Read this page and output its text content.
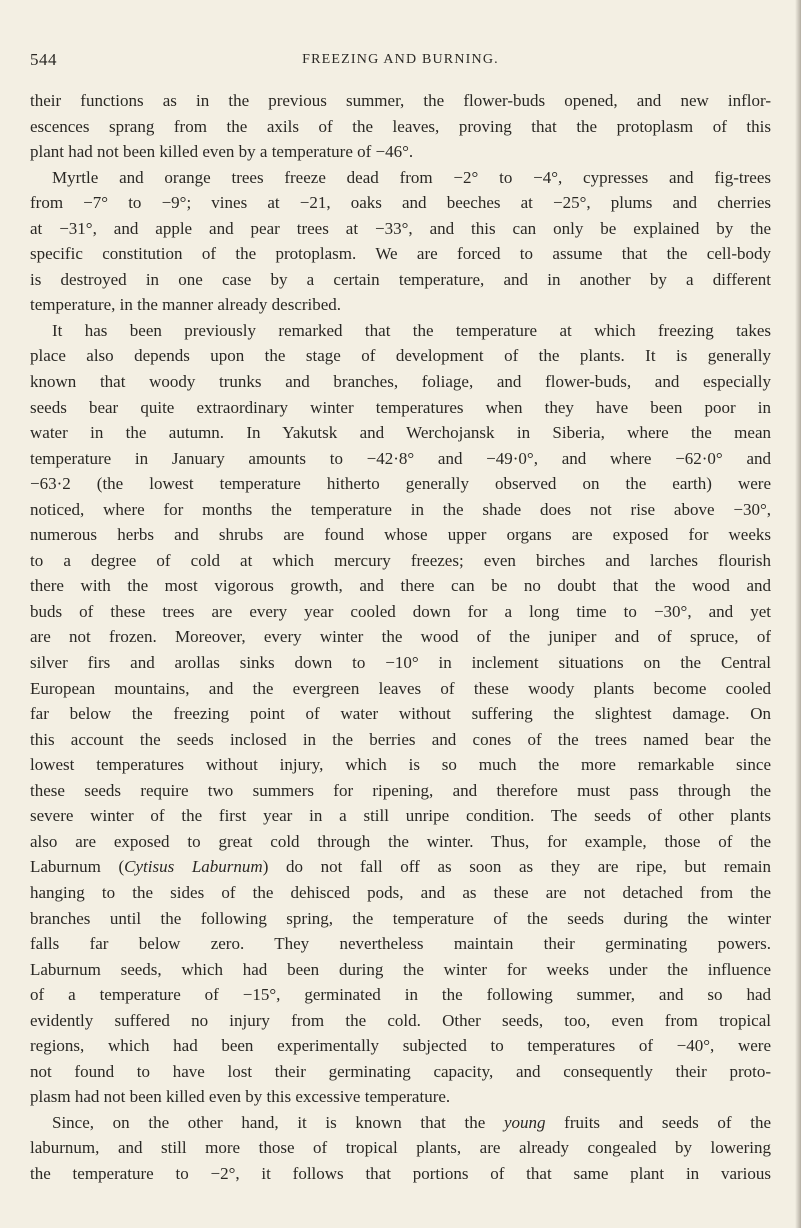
544	FREEZING AND BURNING.
their functions as in the previous summer, the flower-buds opened, and new inflor-
escences sprang from the axils of the leaves, proving that the protoplasm of this
plant had not been killed even by a temperature of −46°.
Myrtle and orange trees freeze dead from −2° to −4°, cypresses and fig-trees
from −7° to −9°; vines at −21, oaks and beeches at −25°, plums and cherries
at −31°, and apple and pear trees at −33°, and this can only be explained by the
specific constitution of the protoplasm. We are forced to assume that the cell-body
is destroyed in one case by a certain temperature, and in another by a different
temperature, in the manner already described.
It has been previously remarked that the temperature at which freezing takes
place also depends upon the stage of development of the plants. It is generally
known that woody trunks and branches, foliage, and flower-buds, and especially
seeds bear quite extraordinary winter temperatures when they have been poor in
water in the autumn. In Yakutsk and Werchojansk in Siberia, where the mean
temperature in January amounts to −42·8° and −49·0°, and where −62·0° and
−63·2 (the lowest temperature hitherto generally observed on the earth) were
noticed, where for months the temperature in the shade does not rise above −30°,
numerous herbs and shrubs are found whose upper organs are exposed for weeks
to a degree of cold at which mercury freezes; even birches and larches flourish
there with the most vigorous growth, and there can be no doubt that the wood and
buds of these trees are every year cooled down for a long time to −30°, and yet
are not frozen. Moreover, every winter the wood of the juniper and of spruce, of
silver firs and arollas sinks down to −10° in inclement situations on the Central
European mountains, and the evergreen leaves of these woody plants become cooled
far below the freezing point of water without suffering the slightest damage. On
this account the seeds inclosed in the berries and cones of the trees named bear the
lowest temperatures without injury, which is so much the more remarkable since
these seeds require two summers for ripening, and therefore must pass through the
severe winter of the first year in a still unripe condition. The seeds of other plants
also are exposed to great cold through the winter. Thus, for example, those of the
Laburnum (Cytisus Laburnum) do not fall off as soon as they are ripe, but remain
hanging to the sides of the dehisced pods, and as these are not detached from the
branches until the following spring, the temperature of the seeds during the winter
falls far below zero. They nevertheless maintain their germinating powers.
Laburnum seeds, which had been during the winter for weeks under the influence
of a temperature of −15°, germinated in the following summer, and so had
evidently suffered no injury from the cold. Other seeds, too, even from tropical
regions, which had been experimentally subjected to temperatures of −40°, were
not found to have lost their germinating capacity, and consequently their proto-
plasm had not been killed even by this excessive temperature.
Since, on the other hand, it is known that the young fruits and seeds of the
laburnum, and still more those of tropical plants, are already congealed by lowering
the temperature to −2°, it follows that portions of that same plant in various
